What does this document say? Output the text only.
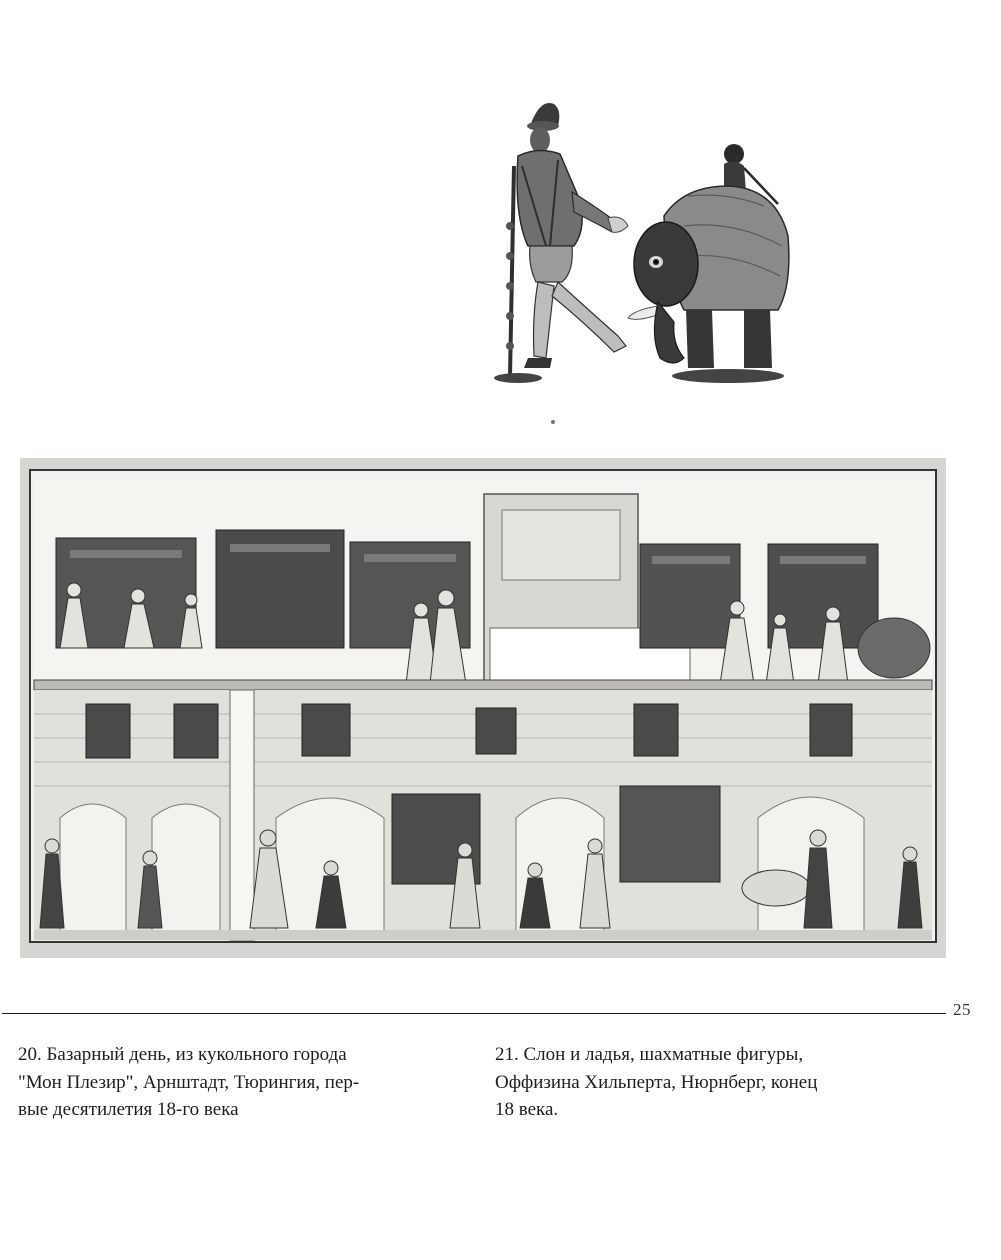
25
20. Базарный день, из кукольного города
"Мон Плезир", Арнштадт, Тюрингия, пер-
вые десятилетия 18-го века
21. Слон и ладья, шахматные фигуры,
Оффизина Хильперта, Нюрнберг, конец
18 века.
